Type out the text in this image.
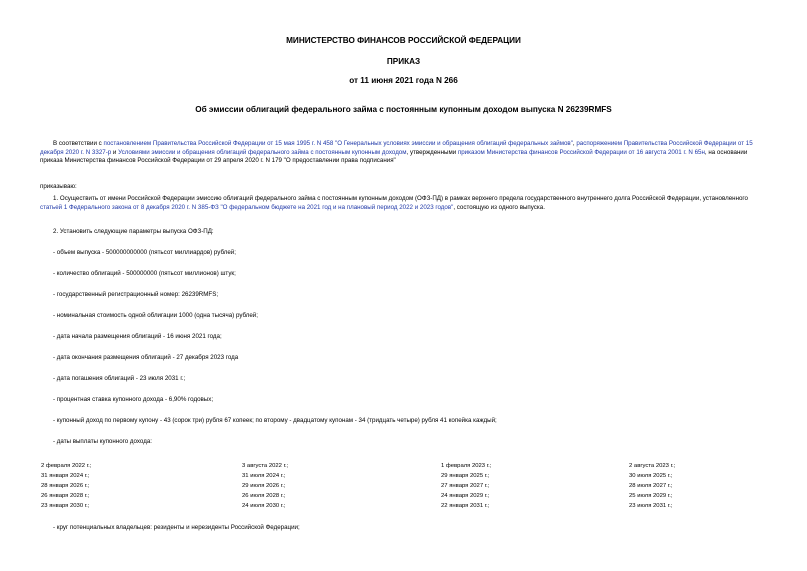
МИНИСТЕРСТВО ФИНАНСОВ РОССИЙСКОЙ ФЕДЕРАЦИИ
ПРИКАЗ
от 11 июня 2021 года N 266
Об эмиссии облигаций федерального займа с постоянным купонным доходом выпуска N 26239RMFS
В соответствии с постановлением Правительства Российской Федерации от 15 мая 1995 г. N 458 "О Генеральных условиях эмиссии и обращения облигаций федеральных займов", распоряжением Правительства Российской Федерации от 15 декабря 2020 г. N 3327-р и Условиями эмиссии и обращения облигаций федерального займа с постоянным купонным доходом, утвержденными приказом Министерства финансов Российской Федерации от 16 августа 2001 г. N 65н, на основании приказа Министерства финансов Российской Федерации от 29 апреля 2020 г. N 179 "О предоставлении права подписания"
приказываю:
1. Осуществить от имени Российской Федерации эмиссию облигаций федерального займа с постоянным купонным доходом (ОФЗ-ПД) в рамках верхнего предела государственного внутреннего долга Российской Федерации, установленного статьей 1 Федерального закона от 8 декабря 2020 г. N 385-ФЗ "О федеральном бюджете на 2021 год и на плановый период 2022 и 2023 годов", состоящую из одного выпуска.
2. Установить следующие параметры выпуска ОФЗ-ПД:
- объем выпуска - 500000000000 (пятьсот миллиардов) рублей;
- количество облигаций - 500000000 (пятьсот миллионов) штук;
- государственный регистрационный номер: 26239RMFS;
- номинальная стоимость одной облигации 1000 (одна тысяча) рублей;
- дата начала размещения облигаций - 16 июня 2021 года;
- дата окончания размещения облигаций - 27 декабря 2023 года
- дата погашения облигаций - 23 июля 2031 г.;
- процентная ставка купонного дохода - 6,90% годовых;
- купонный доход по первому купону - 43 (сорок три) рубля 67 копеек; по второму - двадцатому купонам - 34 (тридцать четыре) рубля 41 копейка каждый;
- даты выплаты купонного дохода:
2 февраля 2022 г.;	3 августа 2022 г.;	1 февраля 2023 г.;	2 августа 2023 г.;
31 января 2024 г.;	31 июля 2024 г.;	29 января 2025 г.;	30 июля 2025 г.;
28 января 2026 г.;	29 июля 2026 г.;	27 января 2027 г.;	28 июля 2027 г.;
26 января 2028 г.;	26 июля 2028 г.;	24 января 2029 г.;	25 июля 2029 г.;
23 января 2030 г.;	24 июля 2030 г.;	22 января 2031 г.;	23 июля 2031 г.;
- круг потенциальных владельцев: резиденты и нерезиденты Российской Федерации;
